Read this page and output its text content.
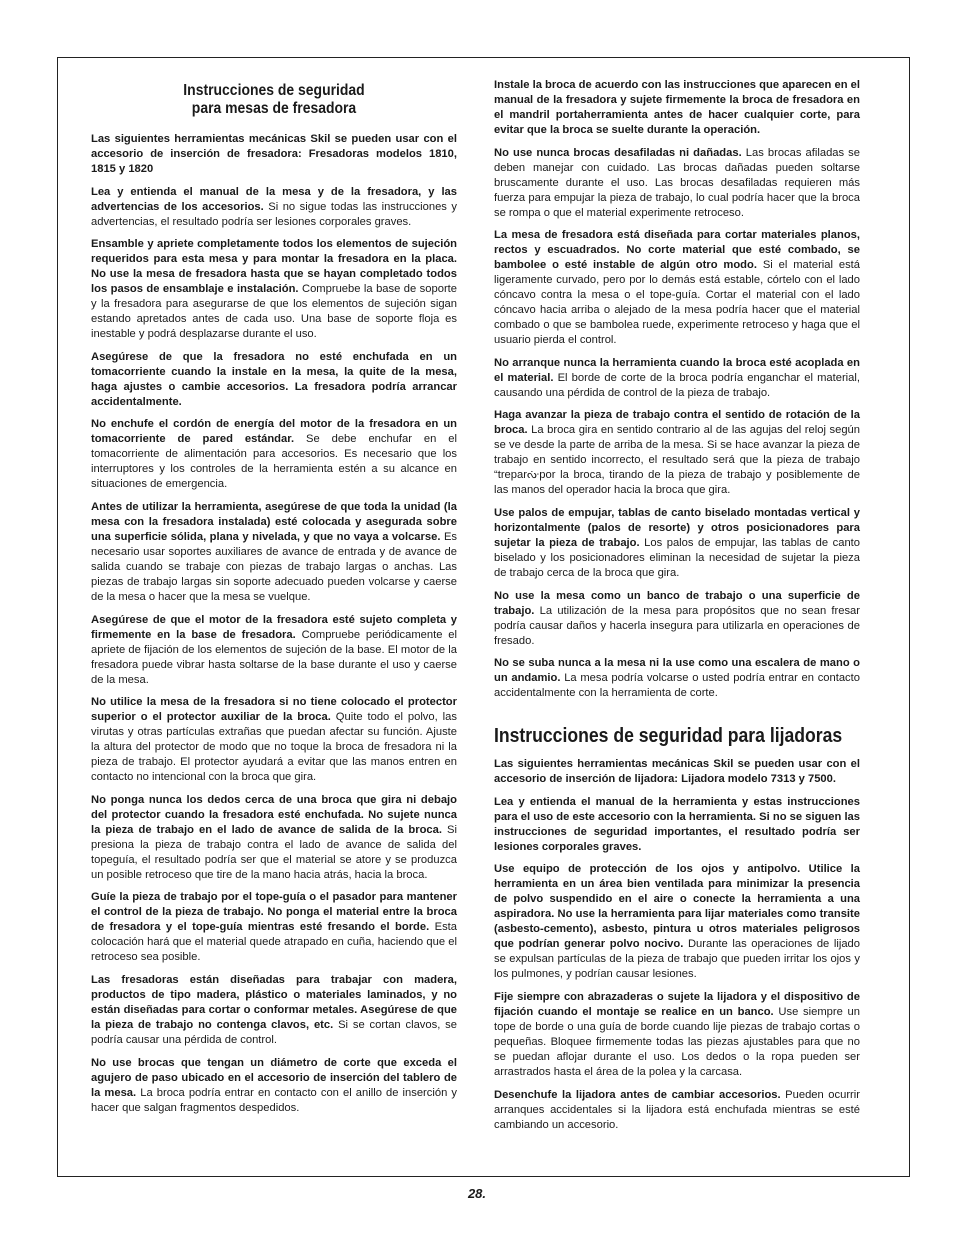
Instrucciones de seguridad
para mesas de fresadora

Las siguientes herramientas mecánicas Skil se pueden usar con el accesorio de inserción de fresadora: Fresadoras modelos 1810, 1815 y 1820

Lea y entienda el manual de la mesa y de la fresadora, y las advertencias de los accesorios. Si no sigue todas las instrucciones y advertencias, el resultado podría ser lesiones corporales graves.

Ensamble y apriete completamente todos los elementos de sujeción requeridos para esta mesa y para montar la fresadora en la placa. No use la mesa de fresadora hasta que se hayan completado todos los pasos de ensamblaje e instalación. Compruebe la base de soporte y la fresadora para asegurarse de que los elementos de sujeción sigan estando apretados antes de cada uso. Una base de soporte floja es inestable y podrá desplazarse durante el uso.

Asegúrese de que la fresadora no esté enchufada en un tomacorriente cuando la instale en la mesa, la quite de la mesa, haga ajustes o cambie accesorios. La fresadora podría arrancar accidentalmente.

No enchufe el cordón de energía del motor de la fresadora en un tomacorriente de pared estándar. Se debe enchufar en el tomacorriente de alimentación para accesorios. Es necesario que los interruptores y los controles de la herramienta estén a su alcance en situaciones de emergencia.

Antes de utilizar la herramienta, asegúrese de que toda la unidad (la mesa con la fresadora instalada) esté colocada y asegurada sobre una superficie sólida, plana y nivelada, y que no vaya a volcarse. Es necesario usar soportes auxiliares de avance de entrada y de avance de salida cuando se trabaje con piezas de trabajo largas o anchas. Las piezas de trabajo largas sin soporte adecuado pueden volcarse y caerse de la mesa o hacer que la mesa se vuelque.

Asegúrese de que el motor de la fresadora esté sujeto completa y firmemente en la base de fresadora. Compruebe periódicamente el apriete de fijación de los elementos de sujeción de la base. El motor de la fresadora puede vibrar hasta soltarse de la base durante el uso y caerse de la mesa.

No utilice la mesa de la fresadora si no tiene colocado el protector superior o el protector auxiliar de la broca. Quite todo el polvo, las virutas y otras partículas extrañas que puedan afectar su función. Ajuste la altura del protector de modo que no toque la broca de fresadora ni la pieza de trabajo. El protector ayudará a evitar que las manos entren en contacto no intencional con la broca que gira.

No ponga nunca los dedos cerca de una broca que gira ni debajo del protector cuando la fresadora esté enchufada. No sujete nunca la pieza de trabajo en el lado de avance de salida de la broca. Si presiona la pieza de trabajo contra el lado de avance de salida del topeguía, el resultado podría ser que el material se atore y se produzca un posible retroceso que tire de la mano hacia atrás, hacia la broca.

Guíe la pieza de trabajo por el tope-guía o el pasador para mantener el control de la pieza de trabajo. No ponga el material entre la broca de fresadora y el tope-guía mientras esté fresando el borde. Esta colocación hará que el material quede atrapado en cuña, haciendo que el retroceso sea posible.

Las fresadoras están diseñadas para trabajar con madera, productos de tipo madera, plástico o materiales laminados, y no están diseñadas para cortar o conformar metales. Asegúrese de que la pieza de trabajo no contenga clavos, etc. Si se cortan clavos, se podría causar una pérdida de control.

No use brocas que tengan un diámetro de corte que exceda el agujero de paso ubicado en el accesorio de inserción del tablero de la mesa. La broca podría entrar en contacto con el anillo de inserción y hacer que salgan fragmentos despedidos.

Instale la broca de acuerdo con las instrucciones que aparecen en el manual de la fresadora y sujete firmemente la broca de fresadora en el mandril portaherramienta antes de hacer cualquier corte, para evitar que la broca se suelte durante la operación.

No use nunca brocas desafiladas ni dañadas. Las brocas afiladas se deben manejar con cuidado. Las brocas dañadas pueden soltarse bruscamente durante el uso. Las brocas desafiladas requieren más fuerza para empujar la pieza de trabajo, lo cual podría hacer que la broca se rompa o que el material experimente retroceso.

La mesa de fresadora está diseñada para cortar materiales planos, rectos y escuadrados. No corte material que esté combado, se bambolee o esté instable de algún otro modo. Si el material está ligeramente curvado, pero por lo demás está estable, córtelo con el lado cóncavo contra la mesa o el tope-guía. Cortar el material con el lado cóncavo hacia arriba o alejado de la mesa podría hacer que el material combado o que se bambolea ruede, experimente retroceso y haga que el usuario pierda el control.

No arranque nunca la herramienta cuando la broca esté acoplada en el material. El borde de corte de la broca podría enganchar el material, causando una pérdida de control de la pieza de trabajo.

Haga avanzar la pieza de trabajo contra el sentido de rotación de la broca. La broca gira en sentido contrario al de las agujas del reloj según se ve desde la parte de arriba de la mesa. Si se hace avanzar la pieza de trabajo en sentido incorrecto, el resultado será que la pieza de trabajo “treparᔠpor la broca, tirando de la pieza de trabajo y posiblemente de las manos del operador hacia la broca que gira.

Use palos de empujar, tablas de canto biselado montadas vertical y horizontalmente (palos de resorte) y otros posicionadores para sujetar la pieza de trabajo. Los palos de empujar, las tablas de canto biselado y los posicionadores eliminan la necesidad de sujetar la pieza de trabajo cerca de la broca que gira.

No use la mesa como un banco de trabajo o una superficie de trabajo. La utilización de la mesa para propósitos que no sean fresar podría causar daños y hacerla insegura para utilizarla en operaciones de fresado.

No se suba nunca a la mesa ni la use como una escalera de mano o un andamio. La mesa podría volcarse o usted podría entrar en contacto accidentalmente con la herramienta de corte.

Instrucciones de seguridad para lijadoras

Las siguientes herramientas mecánicas Skil se pueden usar con el accesorio de inserción de lijadora: Lijadora modelo 7313 y 7500.

Lea y entienda el manual de la herramienta y estas instrucciones para el uso de este accesorio con la herramienta. Si no se siguen las instrucciones de seguridad importantes, el resultado podría ser lesiones corporales graves.

Use equipo de protección de los ojos y antipolvo. Utilice la herramienta en un área bien ventilada para minimizar la presencia de polvo suspendido en el aire o conecte la herramienta a una aspiradora. No use la herramienta para lijar materiales como transite (asbesto-cemento), asbesto, pintura u otros materiales peligrosos que podrían generar polvo nocivo. Durante las operaciones de lijado se expulsan partículas de la pieza de trabajo que pueden irritar los ojos y los pulmones, y podrían causar lesiones.

Fije siempre con abrazaderas o sujete la lijadora y el dispositivo de fijación cuando el montaje se realice en un banco. Use siempre un tope de borde o una guía de borde cuando lije piezas de trabajo cortas o pequeñas. Bloquee firmemente todas las piezas ajustables para que no se puedan aflojar durante el uso. Los dedos o la ropa pueden ser arrastrados hasta el área de la polea y la carcasa.

Desenchufe la lijadora antes de cambiar accesorios. Pueden ocurrir arranques accidentales si la lijadora está enchufada mientras se esté cambiando un accesorio.

28.
